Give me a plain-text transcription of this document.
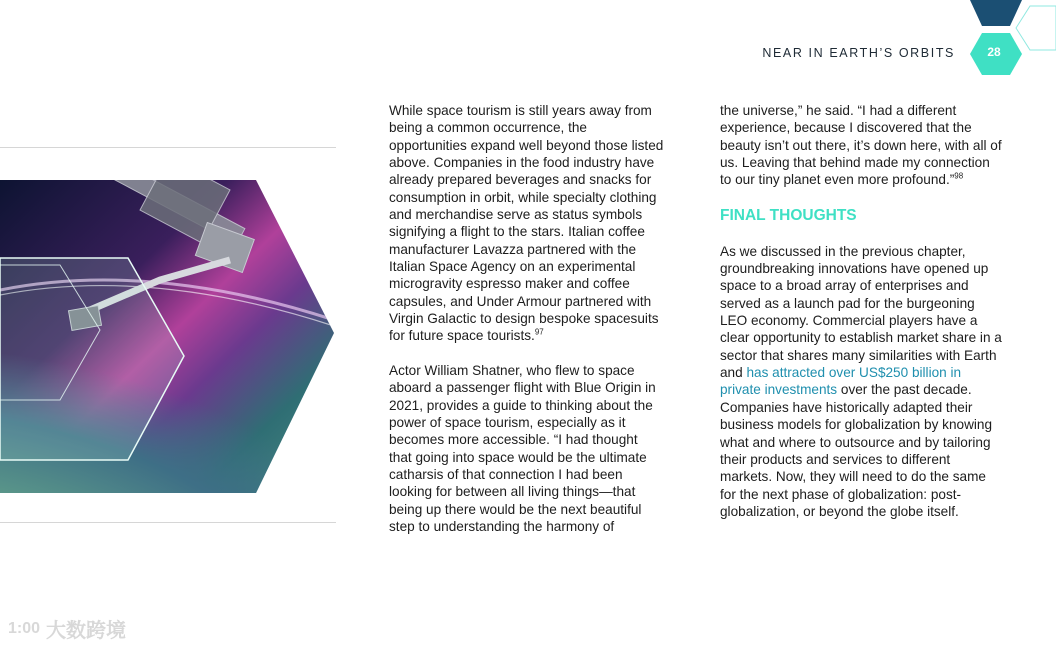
NEAR IN EARTH’S ORBITS	28

While space tourism is still years away from being a common occurrence, the opportunities expand well beyond those listed above. Companies in the food industry have already prepared beverages and snacks for consumption in orbit, while specialty clothing and merchandise serve as status symbols signifying a flight to the stars. Italian coffee manufacturer Lavazza partnered with the Italian Space Agency on an experimental microgravity espresso maker and coffee capsules, and Under Armour partnered with Virgin Galactic to design bespoke spacesuits for future space tourists.$^{97}$

Actor William Shatner, who flew to space aboard a passenger flight with Blue Origin in 2021, provides a guide to thinking about the power of space tourism, especially as it becomes more accessible. “I had thought that going into space would be the ultimate catharsis of that connection I had been looking for between all living things—that being up there would be the next beautiful step to understanding the harmony of

the universe,” he said. “I had a different experience, because I discovered that the beauty isn’t out there, it’s down here, with all of us. Leaving that behind made my connection to our tiny planet even more profound.”$^{98}$

FINAL THOUGHTS

As we discussed in the previous chapter, groundbreaking innovations have opened up space to a broad array of enterprises and served as a launch pad for the burgeoning LEO economy. Commercial players have a clear opportunity to establish market share in a sector that shares many similarities with Earth and has attracted over US$250 billion in private investments over the past decade. Companies have historically adapted their business models for globalization by knowing what and where to outsource and by tailoring their products and services to different markets. Now, they will need to do the same for the next phase of globalization: post-globalization, or beyond the globe itself.

1:00 大数跨境
